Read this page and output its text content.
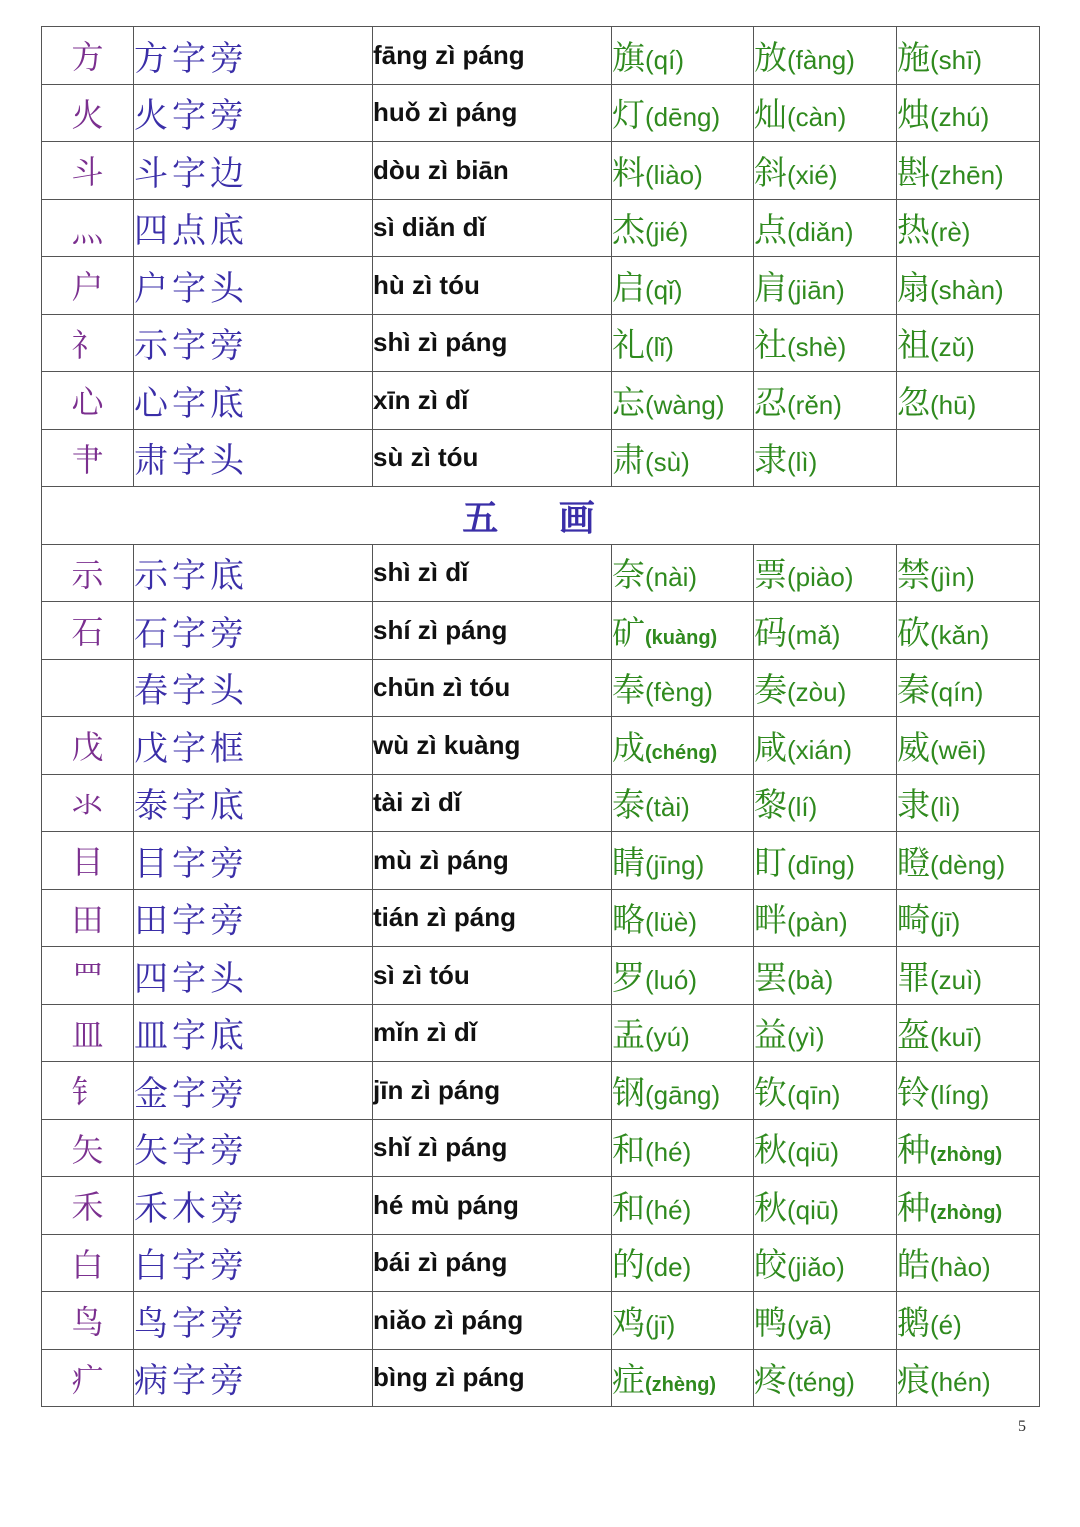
方	方字旁	fāng zì páng	旗(qí)	放(fàng)	施(shī)
火	火字旁	huǒ zì páng	灯(dēng)	灿(càn)	烛(zhú)
斗	斗字边	dòu zì biān	料(liào)	斜(xié)	斟(zhēn)
灬	四点底	sì diǎn dǐ	杰(jié)	点(diǎn)	热(rè)
户	户字头	hù zì tóu	启(qǐ)	肩(jiān)	扇(shàn)
礻	示字旁	shì zì páng	礼(lǐ)	社(shè)	祖(zǔ)
心	心字底	xīn zì dǐ	忘(wàng)	忍(rěn)	忽(hū)
肀	肃字头	sù zì tóu	肃(sù)	隶(lì)	
五 画					
示	示字底	shì zì dǐ	奈(nài)	票(piào)	禁(jìn)
石	石字旁	shí zì páng	矿(kuàng)	码(mǎ)	砍(kǎn)
	春字头	chūn zì tóu	奉(fèng)	奏(zòu)	秦(qín)
戊	戊字框	wù zì kuàng	成(chéng)	咸(xián)	威(wēi)
氺	泰字底	tài zì dǐ	泰(tài)	黎(lí)	隶(lì)
目	目字旁	mù zì páng	睛(jīng)	盯(dīng)	瞪(dèng)
田	田字旁	tián zì páng	略(lüè)	畔(pàn)	畸(jī)
罒	四字头	sì zì tóu	罗(luó)	罢(bà)	罪(zuì)
皿	皿字底	mǐn zì dǐ	盂(yú)	益(yì)	盔(kuī)
钅	金字旁	jīn zì páng	钢(gāng)	钦(qīn)	铃(líng)
矢	矢字旁	shǐ zì páng	和(hé)	秋(qiū)	种(zhòng)
禾	禾木旁	hé mù páng	和(hé)	秋(qiū)	种(zhòng)
白	白字旁	bái zì páng	的(de)	皎(jiǎo)	皓(hào)
鸟	鸟字旁	niǎo zì páng	鸡(jī)	鸭(yā)	鹅(é)
疒	病字旁	bìng zì páng	症(zhèng)	疼(téng)	痕(hén)
5
